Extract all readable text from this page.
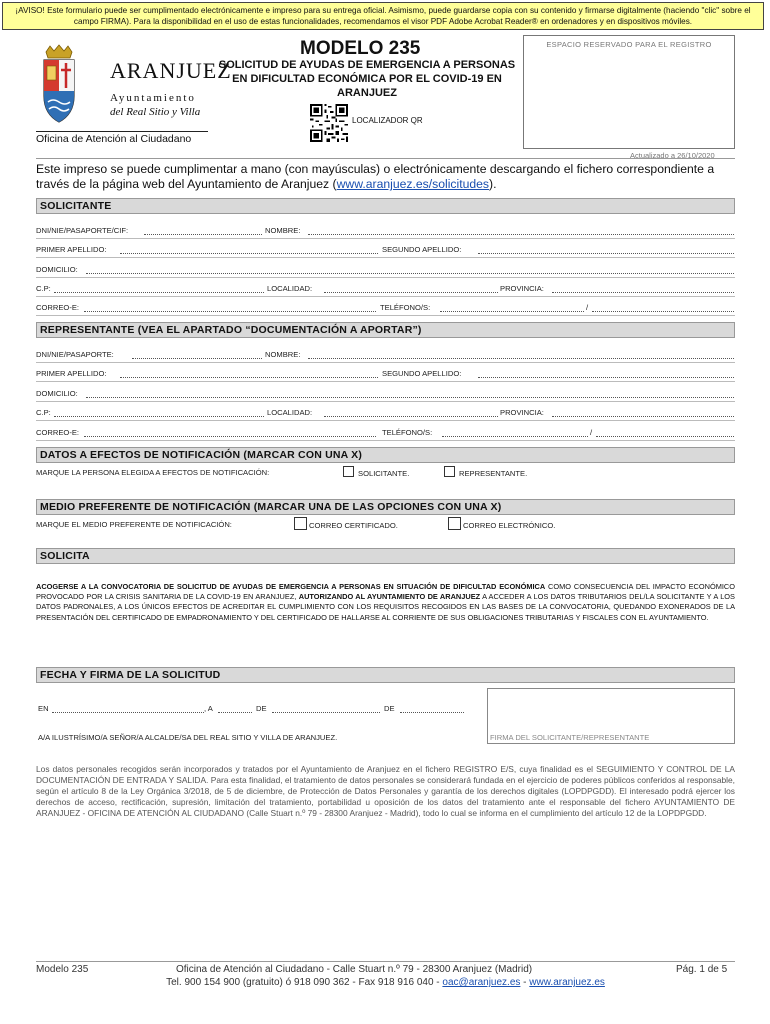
¡AVISO! Este formulario puede ser cumplimentado electrónicamente e impreso para su entrega oficial. Asimismo, puede guardarse copia con su contenido y firmarse digitalmente (haciendo "clic" sobre el campo FIRMA). Para la disponibilidad en el uso de estas funcionalidades, recomendamos el visor PDF Adobe Acrobat Reader® en ordenadores y en dispositivos móviles.
ARANJUEZ
Ayuntamiento
del Real Sitio y Villa
Oficina de Atención al Ciudadano
MODELO 235
SOLICITUD DE AYUDAS DE EMERGENCIA A PERSONAS EN DIFICULTAD ECONÓMICA POR EL COVID-19 EN ARANJUEZ
LOCALIZADOR QR
ESPACIO RESERVADO PARA EL REGISTRO
Actualizado a 26/10/2020
Este impreso se puede cumplimentar a mano (con mayúsculas) o electrónicamente descargando el fichero correspondiente a través de la página web del Ayuntamiento de Aranjuez (www.aranjuez.es/solicitudes).
SOLICITANTE
DNI/NIE/PASAPORTE/CIF:	NOMBRE:
PRIMER APELLIDO:	SEGUNDO APELLIDO:
DOMICILIO:
C.P:	LOCALIDAD:	PROVINCIA:
CORREO-E:	TELÉFONO/S:	/
REPRESENTANTE (VEA EL APARTADO “DOCUMENTACIÓN A APORTAR”)
DNI/NIE/PASAPORTE:	NOMBRE:
PRIMER APELLIDO:	SEGUNDO APELLIDO:
DOMICILIO:
C.P:	LOCALIDAD:	PROVINCIA:
CORREO-E:	TELÉFONO/S:	/
DATOS A EFECTOS DE NOTIFICACIÓN (MARCAR CON UNA X)
MARQUE LA PERSONA ELEGIDA A EFECTOS DE NOTIFICACIÓN:	SOLICITANTE.	REPRESENTANTE.
MEDIO PREFERENTE DE NOTIFICACIÓN (MARCAR UNA DE LAS OPCIONES CON UNA X)
MARQUE EL MEDIO PREFERENTE DE NOTIFICACIÓN:	CORREO CERTIFICADO.	CORREO ELECTRÓNICO.
SOLICITA
ACOGERSE A LA CONVOCATORIA DE SOLICITUD DE AYUDAS DE EMERGENCIA A PERSONAS EN SITUACIÓN DE DIFICULTAD ECONÓMICA COMO CONSECUENCIA DEL IMPACTO ECONÓMICO PROVOCADO POR LA CRISIS SANITARIA DE LA COVID-19 EN ARANJUEZ, AUTORIZANDO AL AYUNTAMIENTO DE ARANJUEZ A ACCEDER A LOS DATOS TRIBUTARIOS DEL/LA SOLICITANTE Y A LOS DATOS PADRONALES, A LOS ÚNICOS EFECTOS DE ACREDITAR EL CUMPLIMIENTO CON LOS REQUISITOS RECOGIDOS EN LAS BASES DE LA CONVOCATORIA, QUEDANDO EXONERADOS DE LA PRESENTACIÓN DEL CERTIFICADO DE EMPADRONAMIENTO Y DEL CERTIFICADO DE HALLARSE AL CORRIENTE DE SUS OBLIGACIONES TRIBUTARIAS Y FISCALES CON EL AYUNTAMIENTO.
FECHA Y FIRMA DE LA SOLICITUD
EN	, A	DE	DE
A/A ILUSTRÍSIMO/A SEÑOR/A ALCALDE/SA DEL REAL SITIO Y VILLA DE ARANJUEZ.	FIRMA DEL SOLICITANTE/REPRESENTANTE
Los datos personales recogidos serán incorporados y tratados por el Ayuntamiento de Aranjuez en el fichero REGISTRO E/S, cuya finalidad es el SEGUIMIENTO Y CONTROL DE LA DOCUMENTACIÓN DE ENTRADA Y SALIDA. Para esta finalidad, el tratamiento de datos personales se considerará fundada en el ejercicio de poderes públicos conferidos al responsable, según el artículo 8 de la Ley Orgánica 3/2018, de 5 de diciembre, de Protección de Datos Personales y garantía de los derechos digitales (LOPDPGDD). El interesado podrá ejercer los derechos de acceso, rectificación, supresión, limitación del tratamiento, portabilidad u oposición de los datos del tratamiento ante el responsable del fichero AYUNTAMIENTO DE ARANJUEZ - OFICINA DE ATENCIÓN AL CIUDADANO (Calle Stuart n.º 79 - 28300 Aranjuez - Madrid), todo lo cual se informa en el cumplimiento del artículo 12 de la LOPDPGDD.
Modelo 235	Oficina de Atención al Ciudadano - Calle Stuart n.º 79 - 28300 Aranjuez (Madrid)	Pág. 1 de 5
Tel. 900 154 900 (gratuito) ó 918 090 362 - Fax 918 916 040 - oac@aranjuez.es - www.aranjuez.es
